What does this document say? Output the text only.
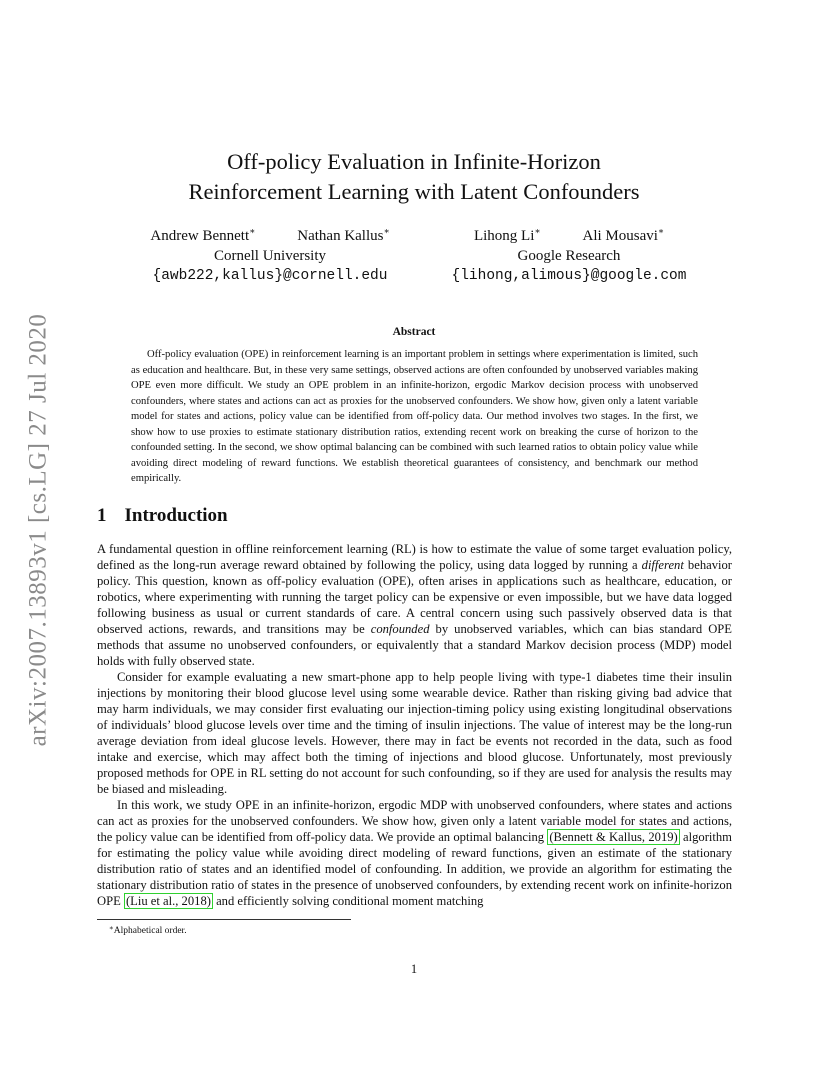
arXiv:2007.13893v1 [cs.LG] 27 Jul 2020
Off-policy Evaluation in Infinite-Horizon
Reinforcement Learning with Latent Confounders
Andrew Bennett∗	Nathan Kallus∗
Cornell University
{awb222,kallus}@cornell.edu
Lihong Li∗	Ali Mousavi∗
Google Research
{lihong,alimous}@google.com
Abstract

Off-policy evaluation (OPE) in reinforcement learning is an important problem in settings where experimentation is limited, such as education and healthcare. But, in these very same settings, observed actions are often confounded by unobserved variables making OPE even more difficult. We study an OPE problem in an infinite-horizon, ergodic Markov decision process with unobserved confounders, where states and actions can act as proxies for the unobserved confounders. We show how, given only a latent variable model for states and actions, policy value can be identified from off-policy data. Our method involves two stages. In the first, we show how to use proxies to estimate stationary distribution ratios, extending recent work on breaking the curse of horizon to the confounded setting. In the second, we show optimal balancing can be combined with such learned ratios to obtain policy value while avoiding direct modeling of reward functions. We establish theoretical guarantees of consistency, and benchmark our method empirically.

1 Introduction

A fundamental question in offline reinforcement learning (RL) is how to estimate the value of some target evaluation policy, defined as the long-run average reward obtained by following the policy, using data logged by running a different behavior policy. This question, known as off-policy evaluation (OPE), often arises in applications such as healthcare, education, or robotics, where experimenting with running the target policy can be expensive or even impossible, but we have data logged following business as usual or current standards of care. A central concern using such passively observed data is that observed actions, rewards, and transitions may be confounded by unobserved variables, which can bias standard OPE methods that assume no unobserved confounders, or equivalently that a standard Markov decision process (MDP) model holds with fully observed state.

Consider for example evaluating a new smart-phone app to help people living with type-1 diabetes time their insulin injections by monitoring their blood glucose level using some wearable device. Rather than risking giving bad advice that may harm individuals, we may consider first evaluating our injection-timing policy using existing longitudinal observations of individuals’ blood glucose levels over time and the timing of insulin injections. The value of interest may be the long-run average deviation from ideal glucose levels. However, there may in fact be events not recorded in the data, such as food intake and exercise, which may affect both the timing of injections and blood glucose. Unfortunately, most previously proposed methods for OPE in RL setting do not account for such confounding, so if they are used for analysis the results may be biased and misleading.

In this work, we study OPE in an infinite-horizon, ergodic MDP with unobserved confounders, where states and actions can act as proxies for the unobserved confounders. We show how, given only a latent variable model for states and actions, the policy value can be identified from off-policy data. We provide an optimal balancing (Bennett & Kallus, 2019) algorithm for estimating the policy value while avoiding direct modeling of reward functions, given an estimate of the stationary distribution ratio of states and an identified model of confounding. In addition, we provide an algorithm for estimating the stationary distribution ratio of states in the presence of unobserved confounders, by extending recent work on infinite-horizon OPE (Liu et al., 2018) and efficiently solving conditional moment matching

∗Alphabetical order.
1
